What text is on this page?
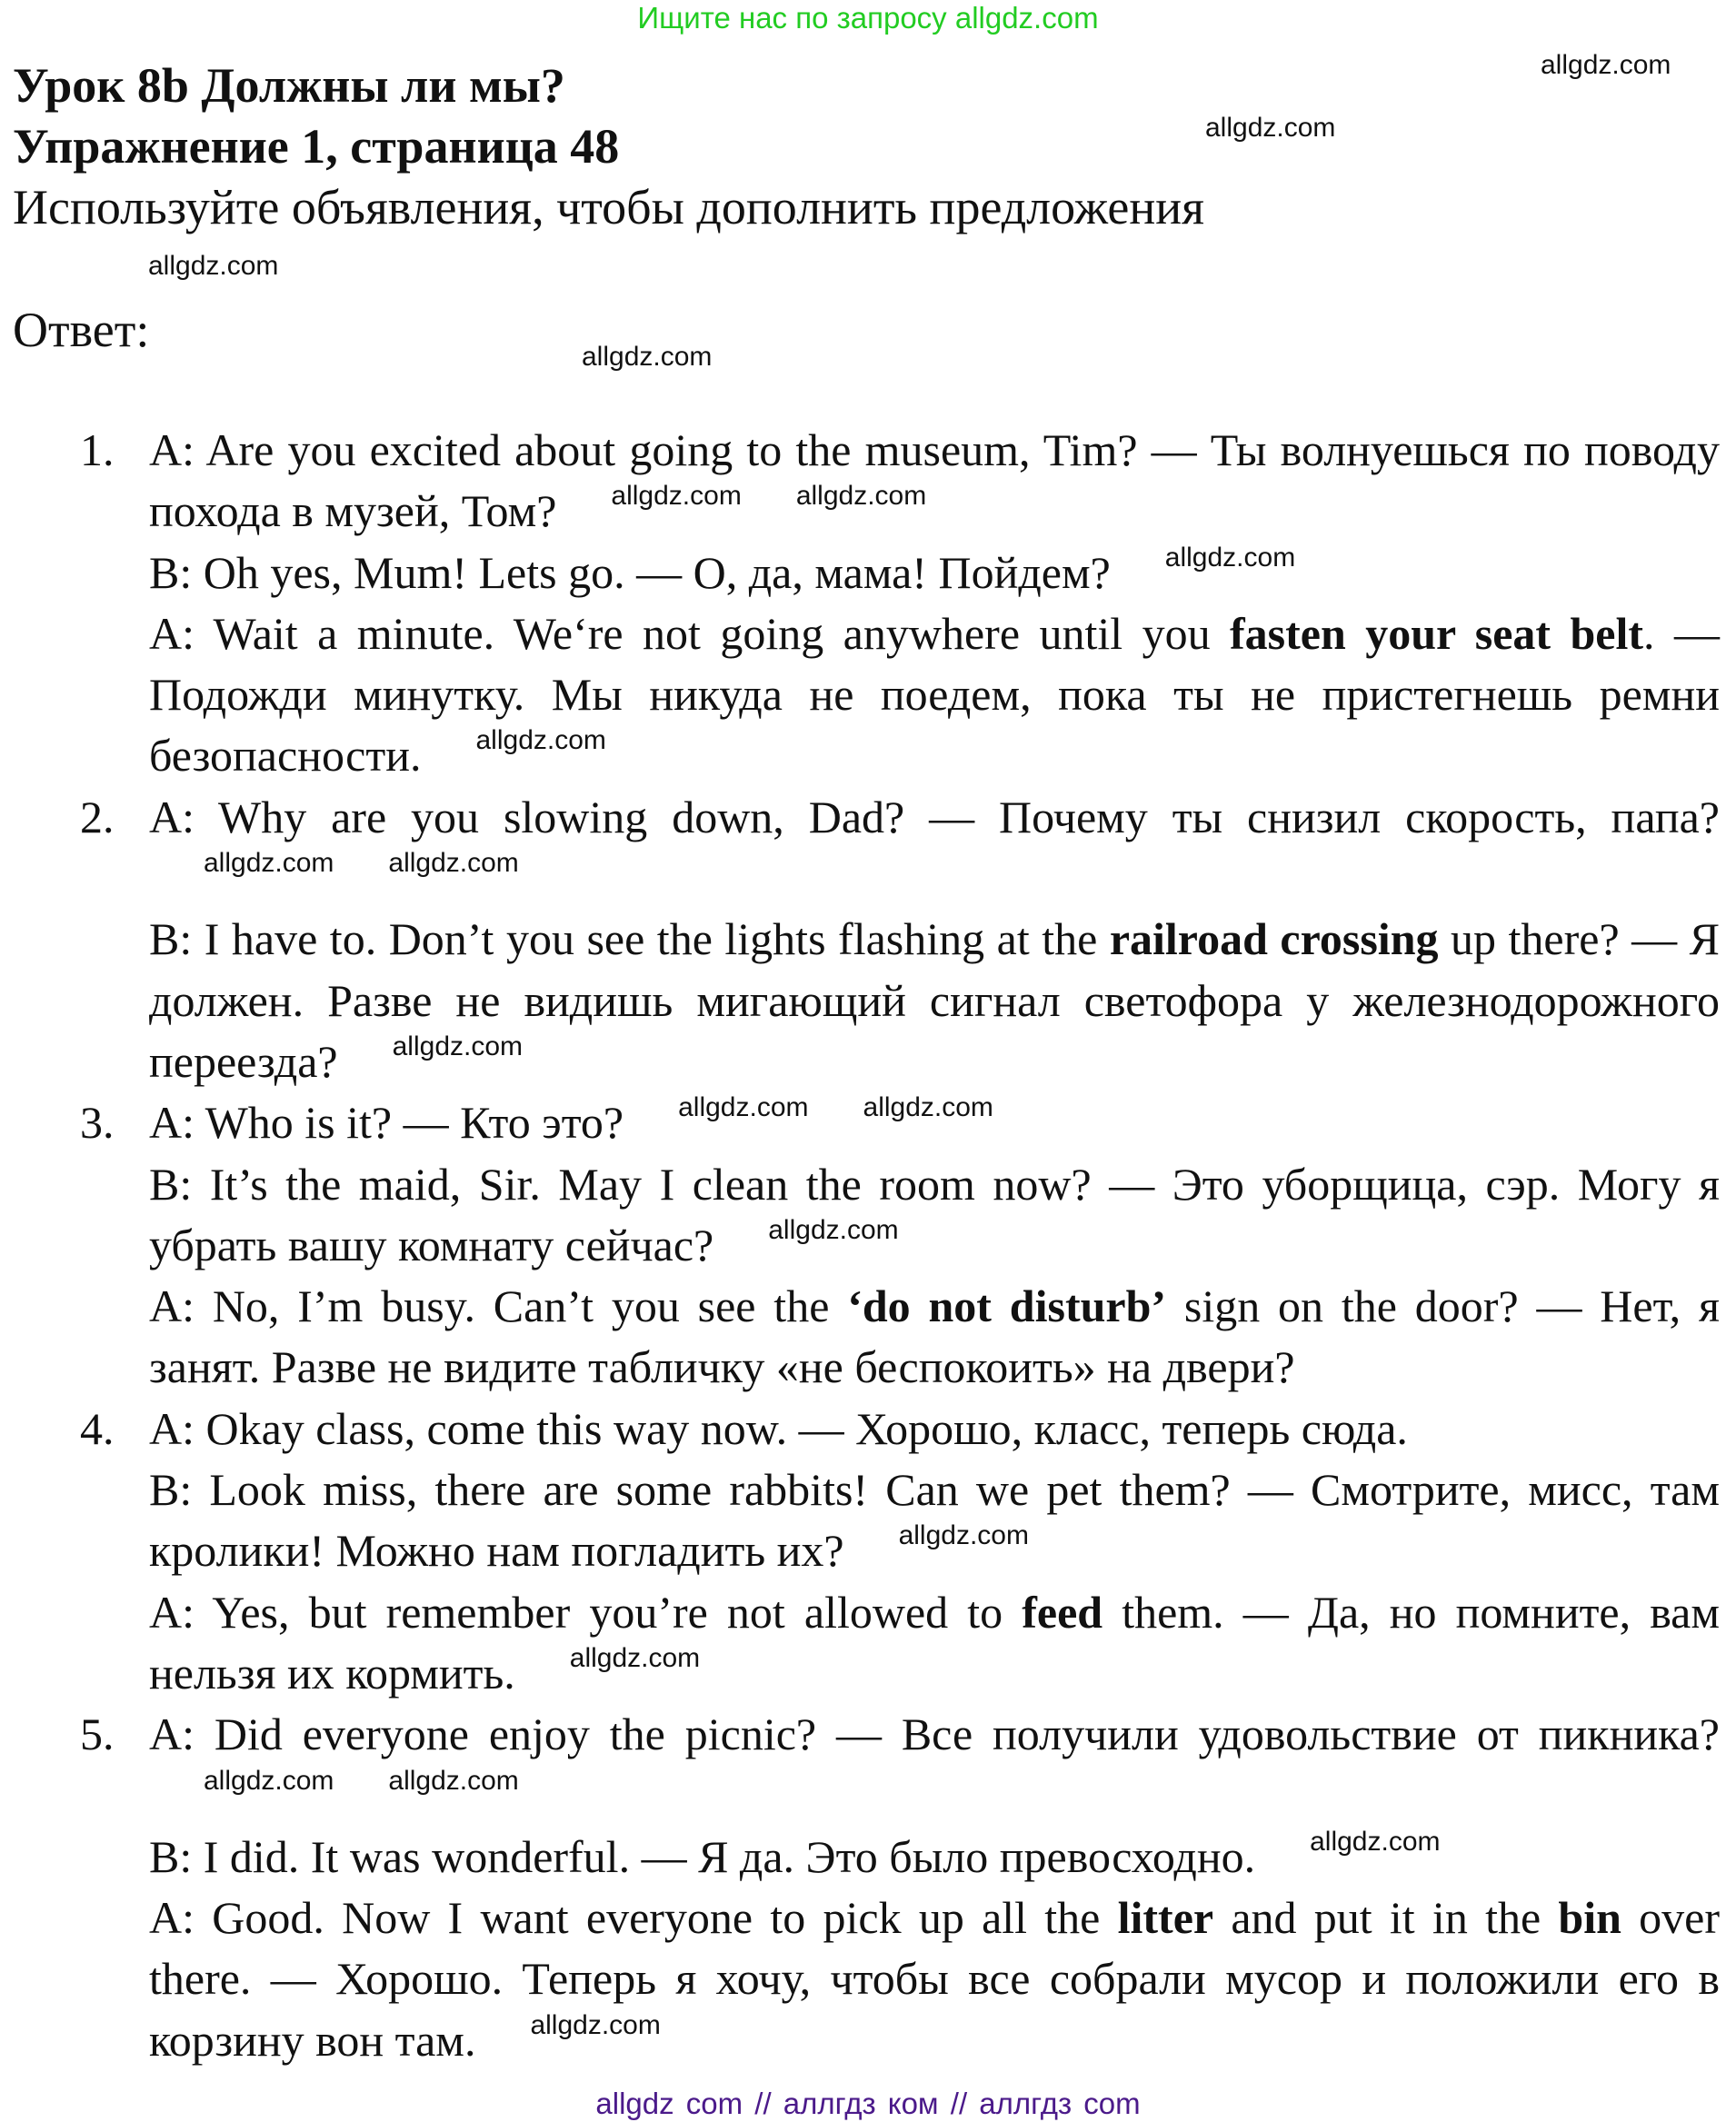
Ищите нас по запросу allgdz.com
Урок 8b Должны ли мы?
Упражнение 1, страница 48
Используйте объявления, чтобы дополнить предложения
Ответ:
1. A: Are you excited about going to the museum, Tim? — Ты волнуешься по поводу похода в музей, Том? allgdz.com allgdz.com
B: Oh yes, Mum! Lets go. — О, да, мама! Пойдем? allgdz.com
A: Wait a minute. We‘re not going anywhere until you fasten your seat belt. — Подожди минутку. Мы никуда не поедем, пока ты не пристегнешь ремни безопасности. allgdz.com
2. A: Why are you slowing down, Dad? — Почему ты снизил скорость, папа?allgdz.com allgdz.com
B: I have to. Don’t you see the lights flashing at the railroad crossing up there? — Я должен. Разве не видишь мигающий сигнал светофора у железнодорожного переезда? allgdz.com
3. A: Who is it? — Кто это? allgdz.com allgdz.com
B: It’s the maid, Sir. May I clean the room now? — Это уборщица, сэр. Могу я убрать вашу комнату сейчас? allgdz.com
A: No, I’m busy. Can’t you see the ‘do not disturb’ sign on the door? — Нет, я занят. Разве не видите табличку «не беспокоить» на двери?
4. A: Okay class, come this way now. — Хорошо, класс, теперь сюда.
B: Look miss, there are some rabbits! Can we pet them? — Смотрите, мисс, там кролики! Можно нам погладить их? allgdz.com
A: Yes, but remember you’re not allowed to feed them. — Да, но помните, вам нельзя их кормить. allgdz.com
5. A: Did everyone enjoy the picnic? — Все получили удовольствие от пикника?allgdz.com allgdz.com
B: I did. It was wonderful. — Я да. Это было превосходно. allgdz.com
A: Good. Now I want everyone to pick up all the litter and put it in the bin over there. — Хорошо. Теперь я хочу, чтобы все собрали мусор и положили его в корзину вон там. allgdz.com
allgdz.com
allgdz.com
allgdz.com
allgdz.com
allgdz com // аллгдз ком // аллгдз com
